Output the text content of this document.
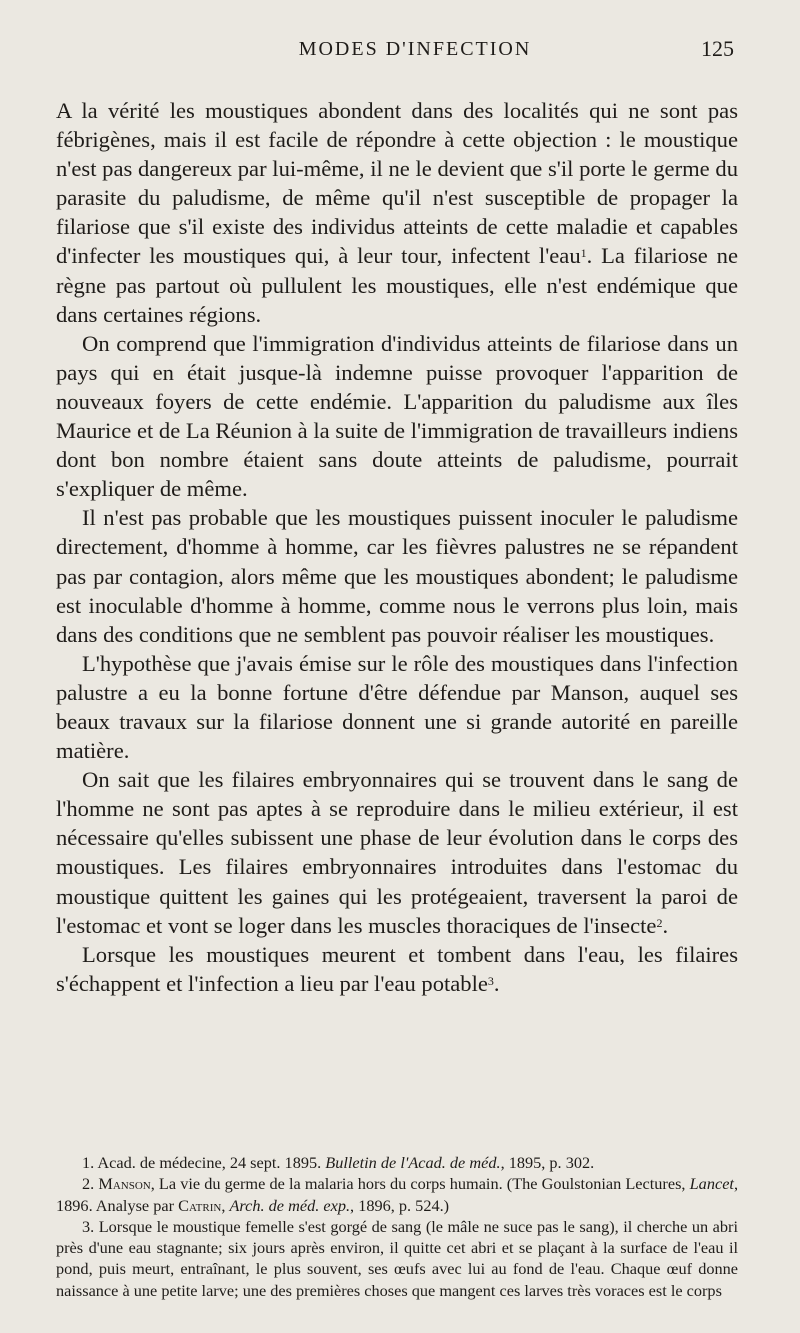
MODES D'INFECTION	125

A la vérité les moustiques abondent dans des localités qui ne sont pas fébrigènes, mais il est facile de répondre à cette objection : le moustique n'est pas dangereux par lui-même, il ne le devient que s'il porte le germe du parasite du paludisme, de même qu'il n'est susceptible de propager la filariose que s'il existe des individus atteints de cette maladie et capables d'infecter les moustiques qui, à leur tour, infectent l'eau$^1$. La filariose ne règne pas partout où pullulent les moustiques, elle n'est endémique que dans certaines régions.

On comprend que l'immigration d'individus atteints de filariose dans un pays qui en était jusque-là indemne puisse provoquer l'apparition de nouveaux foyers de cette endémie. L'apparition du paludisme aux îles Maurice et de La Réunion à la suite de l'immigration de travailleurs indiens dont bon nombre étaient sans doute atteints de paludisme, pourrait s'expliquer de même.

Il n'est pas probable que les moustiques puissent inoculer le paludisme directement, d'homme à homme, car les fièvres palustres ne se répandent pas par contagion, alors même que les moustiques abondent; le paludisme est inoculable d'homme à homme, comme nous le verrons plus loin, mais dans des conditions que ne semblent pas pouvoir réaliser les moustiques.

L'hypothèse que j'avais émise sur le rôle des moustiques dans l'infection palustre a eu la bonne fortune d'être défendue par Manson, auquel ses beaux travaux sur la filariose donnent une si grande autorité en pareille matière.

On sait que les filaires embryonnaires qui se trouvent dans le sang de l'homme ne sont pas aptes à se reproduire dans le milieu extérieur, il est nécessaire qu'elles subissent une phase de leur évolution dans le corps des moustiques. Les filaires embryonnaires introduites dans l'estomac du moustique quittent les gaines qui les protégeaient, traversent la paroi de l'estomac et vont se loger dans les muscles thoraciques de l'insecte$^2$.

Lorsque les moustiques meurent et tombent dans l'eau, les filaires s'échappent et l'infection a lieu par l'eau potable$^3$.

1. Acad. de médecine, 24 sept. 1895. Bulletin de l'Acad. de méd., 1895, p. 302.

2. Manson, La vie du germe de la malaria hors du corps humain. (The Goulstonian Lectures, Lancet, 1896. Analyse par Catrin, Arch. de méd. exp., 1896, p. 524.)

3. Lorsque le moustique femelle s'est gorgé de sang (le mâle ne suce pas le sang), il cherche un abri près d'une eau stagnante; six jours après environ, il quitte cet abri et se plaçant à la surface de l'eau il pond, puis meurt, entraînant, le plus souvent, ses œufs avec lui au fond de l'eau. Chaque œuf donne naissance à une petite larve; une des premières choses que mangent ces larves très voraces est le corps
